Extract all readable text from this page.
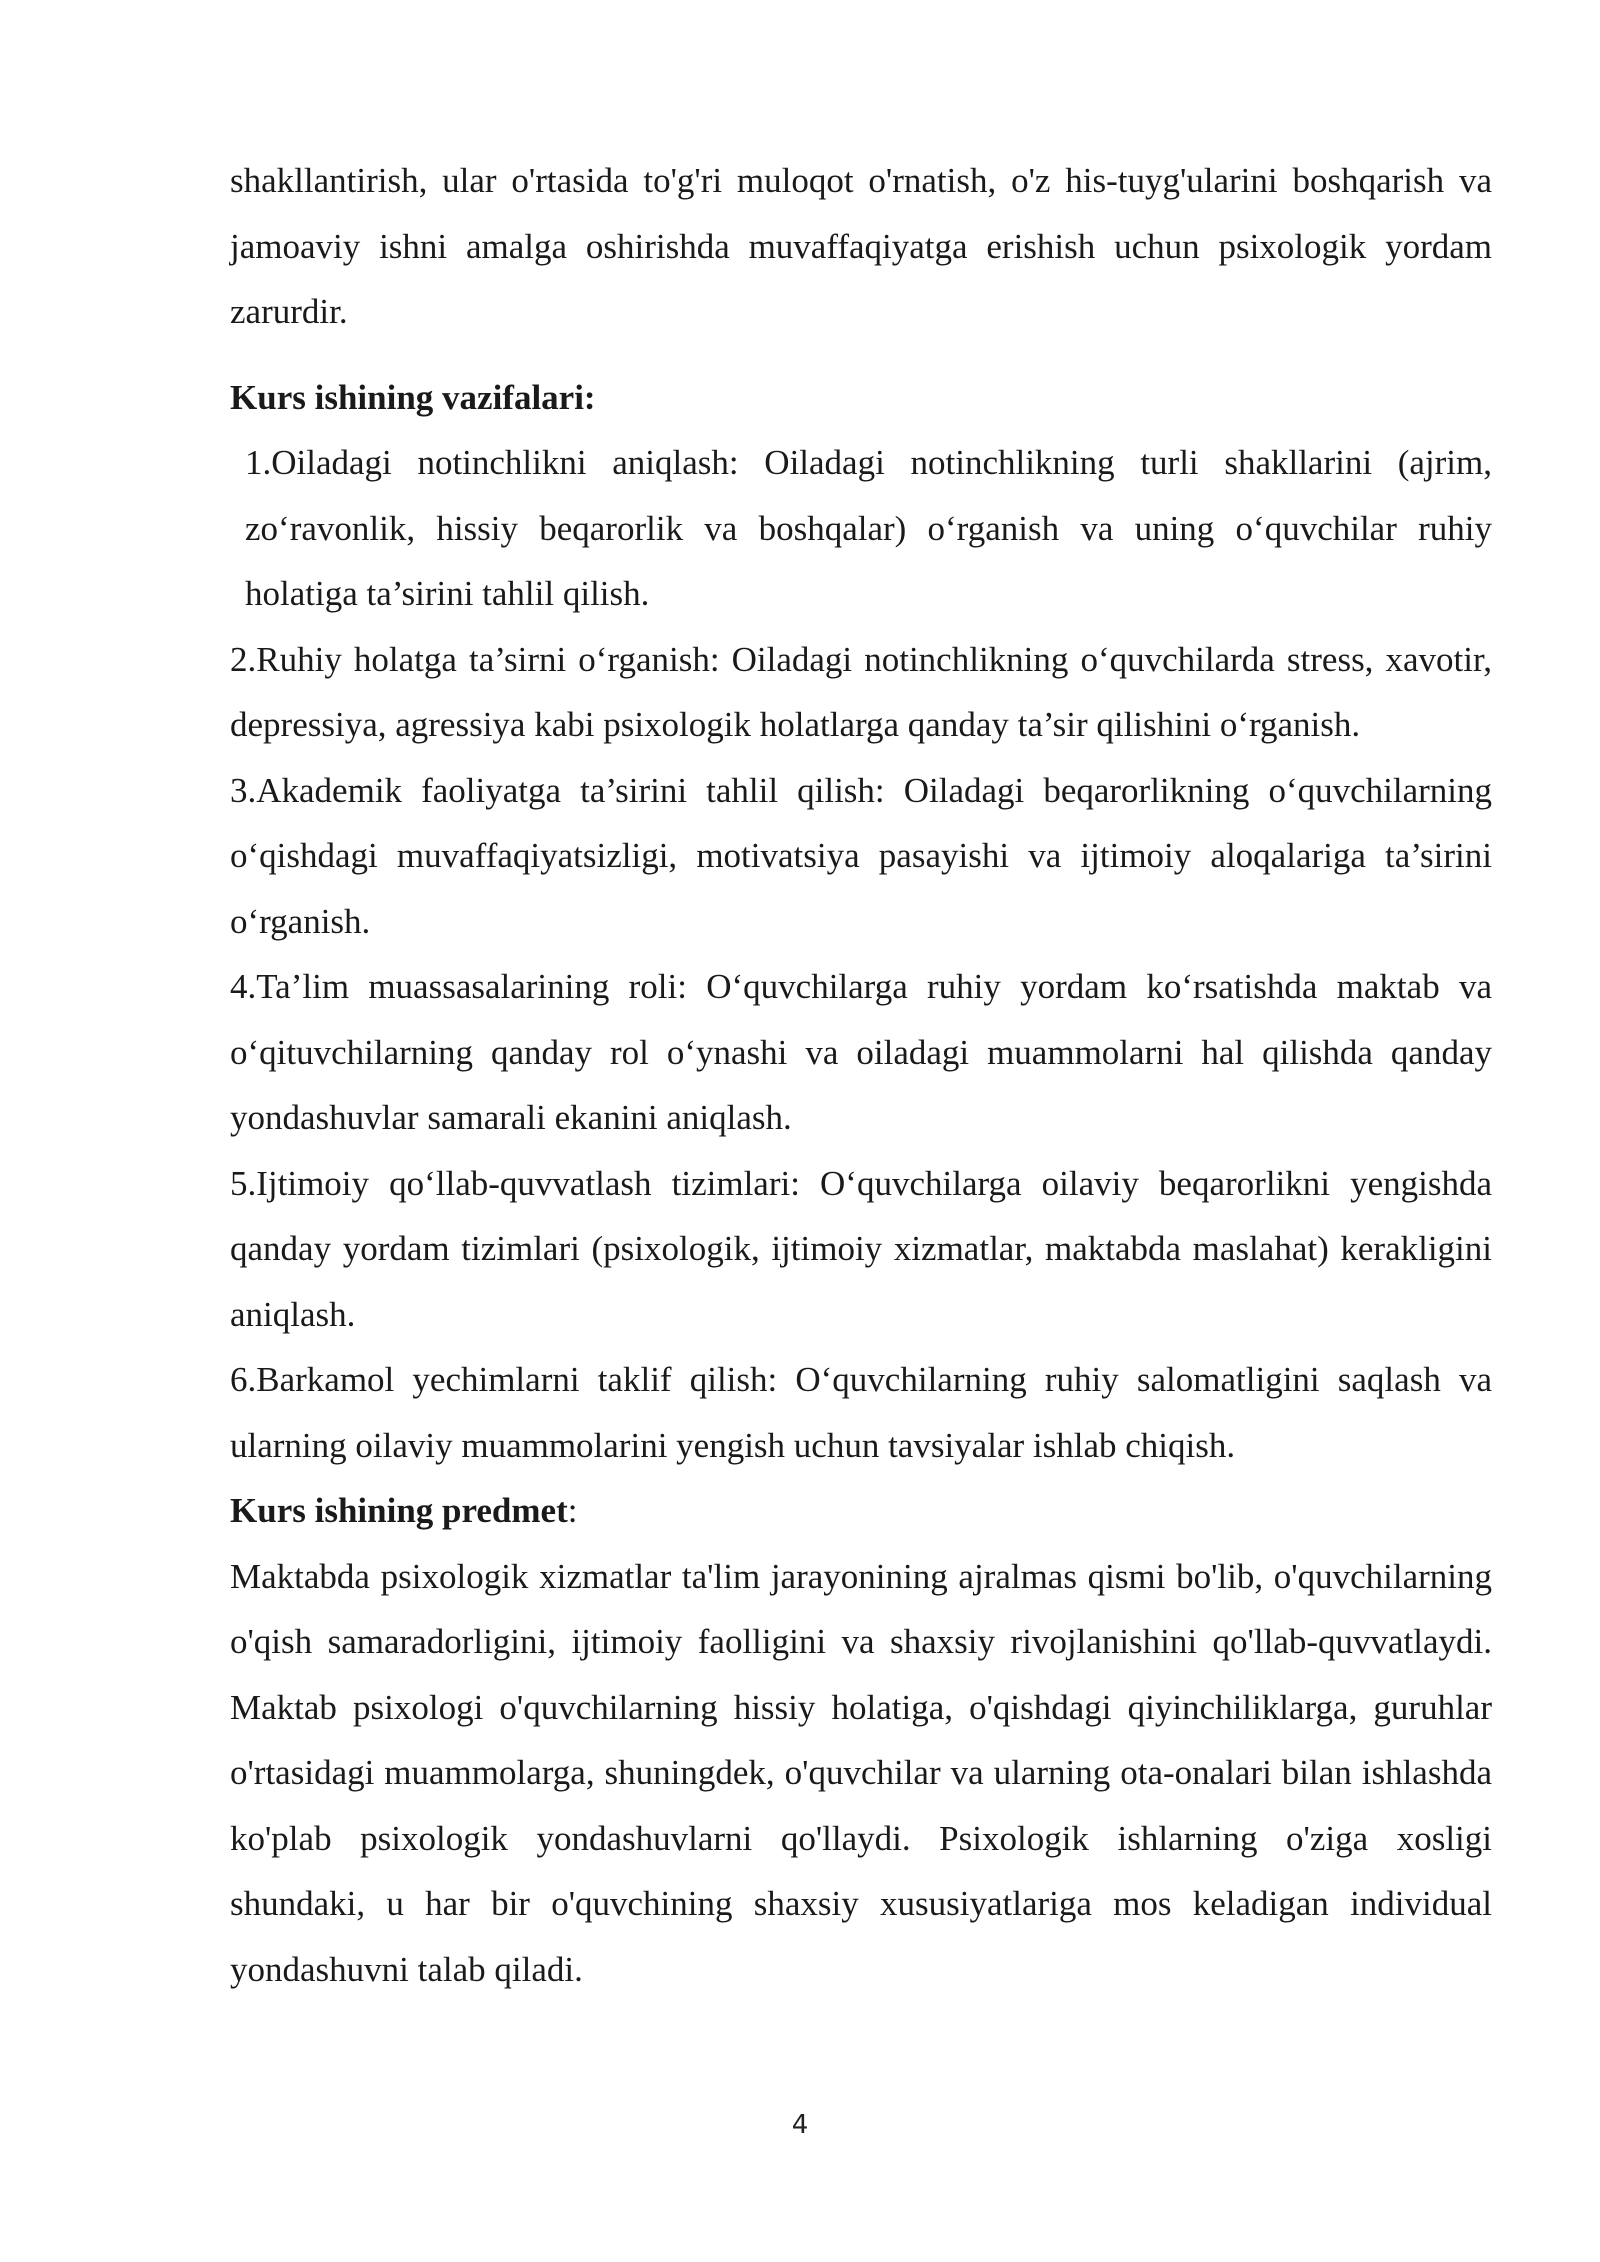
shakllantirish, ular o'rtasida to'g'ri muloqot o'rnatish, o'z his-tuyg'ularini boshqarish va jamoaviy ishni amalga oshirishda muvaffaqiyatga erishish uchun psixologik yordam zarurdir.

Kurs ishining vazifalari:

1.Oiladagi notinchlikni aniqlash: Oiladagi notinchlikning turli shakllarini (ajrim, zo‘ravonlik, hissiy beqarorlik va boshqalar) o‘rganish va uning o‘quvchilar ruhiy holatiga ta’sirini tahlil qilish.

2.Ruhiy holatga ta’sirni o‘rganish: Oiladagi notinchlikning o‘quvchilarda stress, xavotir, depressiya, agressiya kabi psixologik holatlarga qanday ta’sir qilishini o‘rganish.

3.Akademik faoliyatga ta’sirini tahlil qilish: Oiladagi beqarorlikning o‘quvchilarning o‘qishdagi muvaffaqiyatsizligi, motivatsiya pasayishi va ijtimoiy aloqalariga ta’sirini o‘rganish.

4.Ta’lim muassasalarining roli: O‘quvchilarga ruhiy yordam ko‘rsatishda maktab va o‘qituvchilarning qanday rol o‘ynashi va oiladagi muammolarni hal qilishda qanday yondashuvlar samarali ekanini aniqlash.

5.Ijtimoiy qo‘llab-quvvatlash tizimlari: O‘quvchilarga oilaviy beqarorlikni yengishda qanday yordam tizimlari (psixologik, ijtimoiy xizmatlar, maktabda maslahat) kerakligini aniqlash.

6.Barkamol yechimlarni taklif qilish: O‘quvchilarning ruhiy salomatligini saqlash va ularning oilaviy muammolarini yengish uchun tavsiyalar ishlab chiqish.

Kurs ishining predmet:

Maktabda psixologik xizmatlar ta'lim jarayonining ajralmas qismi bo'lib, o'quvchilarning o'qish samaradorligini, ijtimoiy faolligini va shaxsiy rivojlanishini qo'llab-quvvatlaydi. Maktab psixologi o'quvchilarning hissiy holatiga, o'qishdagi qiyinchiliklarga, guruhlar o'rtasidagi muammolarga, shuningdek, o'quvchilar va ularning ota-onalari bilan ishlashda ko'plab psixologik yondashuvlarni qo'llaydi. Psixologik ishlarning o'ziga xosligi shundaki, u har bir o'quvchining shaxsiy xususiyatlariga mos keladigan individual yondashuvni talab qiladi.

4
